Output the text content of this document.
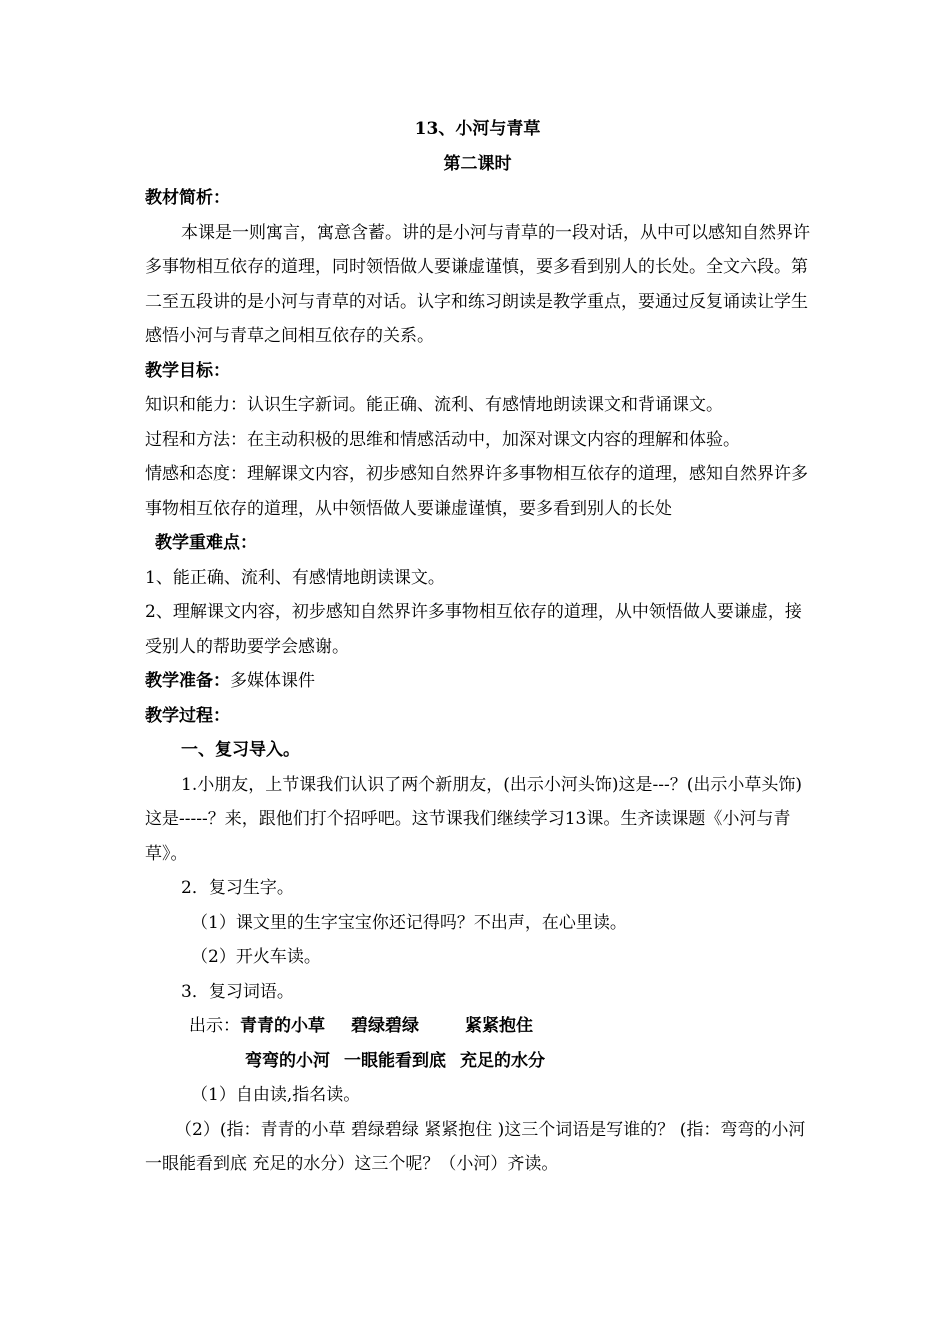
13、小河与青草
第二课时
教材简析：

本课是一则寓言，寓意含蓄。讲的是小河与青草的一段对话，从中可以感知自然界许多事物相互依存的道理，同时领悟做人要谦虚谨慎，要多看到别人的长处。全文六段。第二至五段讲的是小河与青草的对话。认字和练习朗读是教学重点，要通过反复诵读让学生感悟小河与青草之间相互依存的关系。

教学目标：

知识和能力：认识生字新词。能正确、流利、有感情地朗读课文和背诵课文。

过程和方法：在主动积极的思维和情感活动中，加深对课文内容的理解和体验。

情感和态度：理解课文内容，初步感知自然界许多事物相互依存的道理，感知自然界许多事物相互依存的道理，从中领悟做人要谦虚谨慎，要多看到别人的长处

教学重难点：

1、能正确、流利、有感情地朗读课文。

2、理解课文内容，初步感知自然界许多事物相互依存的道理，从中领悟做人要谦虚，接受别人的帮助要学会感谢。

教学准备：多媒体课件
教学过程：
一、复习导入。

1.小朋友，上节课我们认识了两个新朋友，(出示小河头饰)这是---？(出示小草头饰)这是-----？来，跟他们打个招呼吧。这节课我们继续学习13课。生齐读课题《小河与青草》。

2．复习生字。
（1）课文里的生字宝宝你还记得吗？不出声，在心里读。
（2）开火车读。
3．复习词语。
出示：青青的小草 碧绿碧绿	紧紧抱住
弯弯的小河 一眼能看到底 充足的水分
（1）自由读,指名读。

（2）(指：青青的小草 碧绿碧绿 紧紧抱住 )这三个词语是写谁的？ (指：弯弯的小河 一眼能看到底 充足的水分）这三个呢？（小河）齐读。
